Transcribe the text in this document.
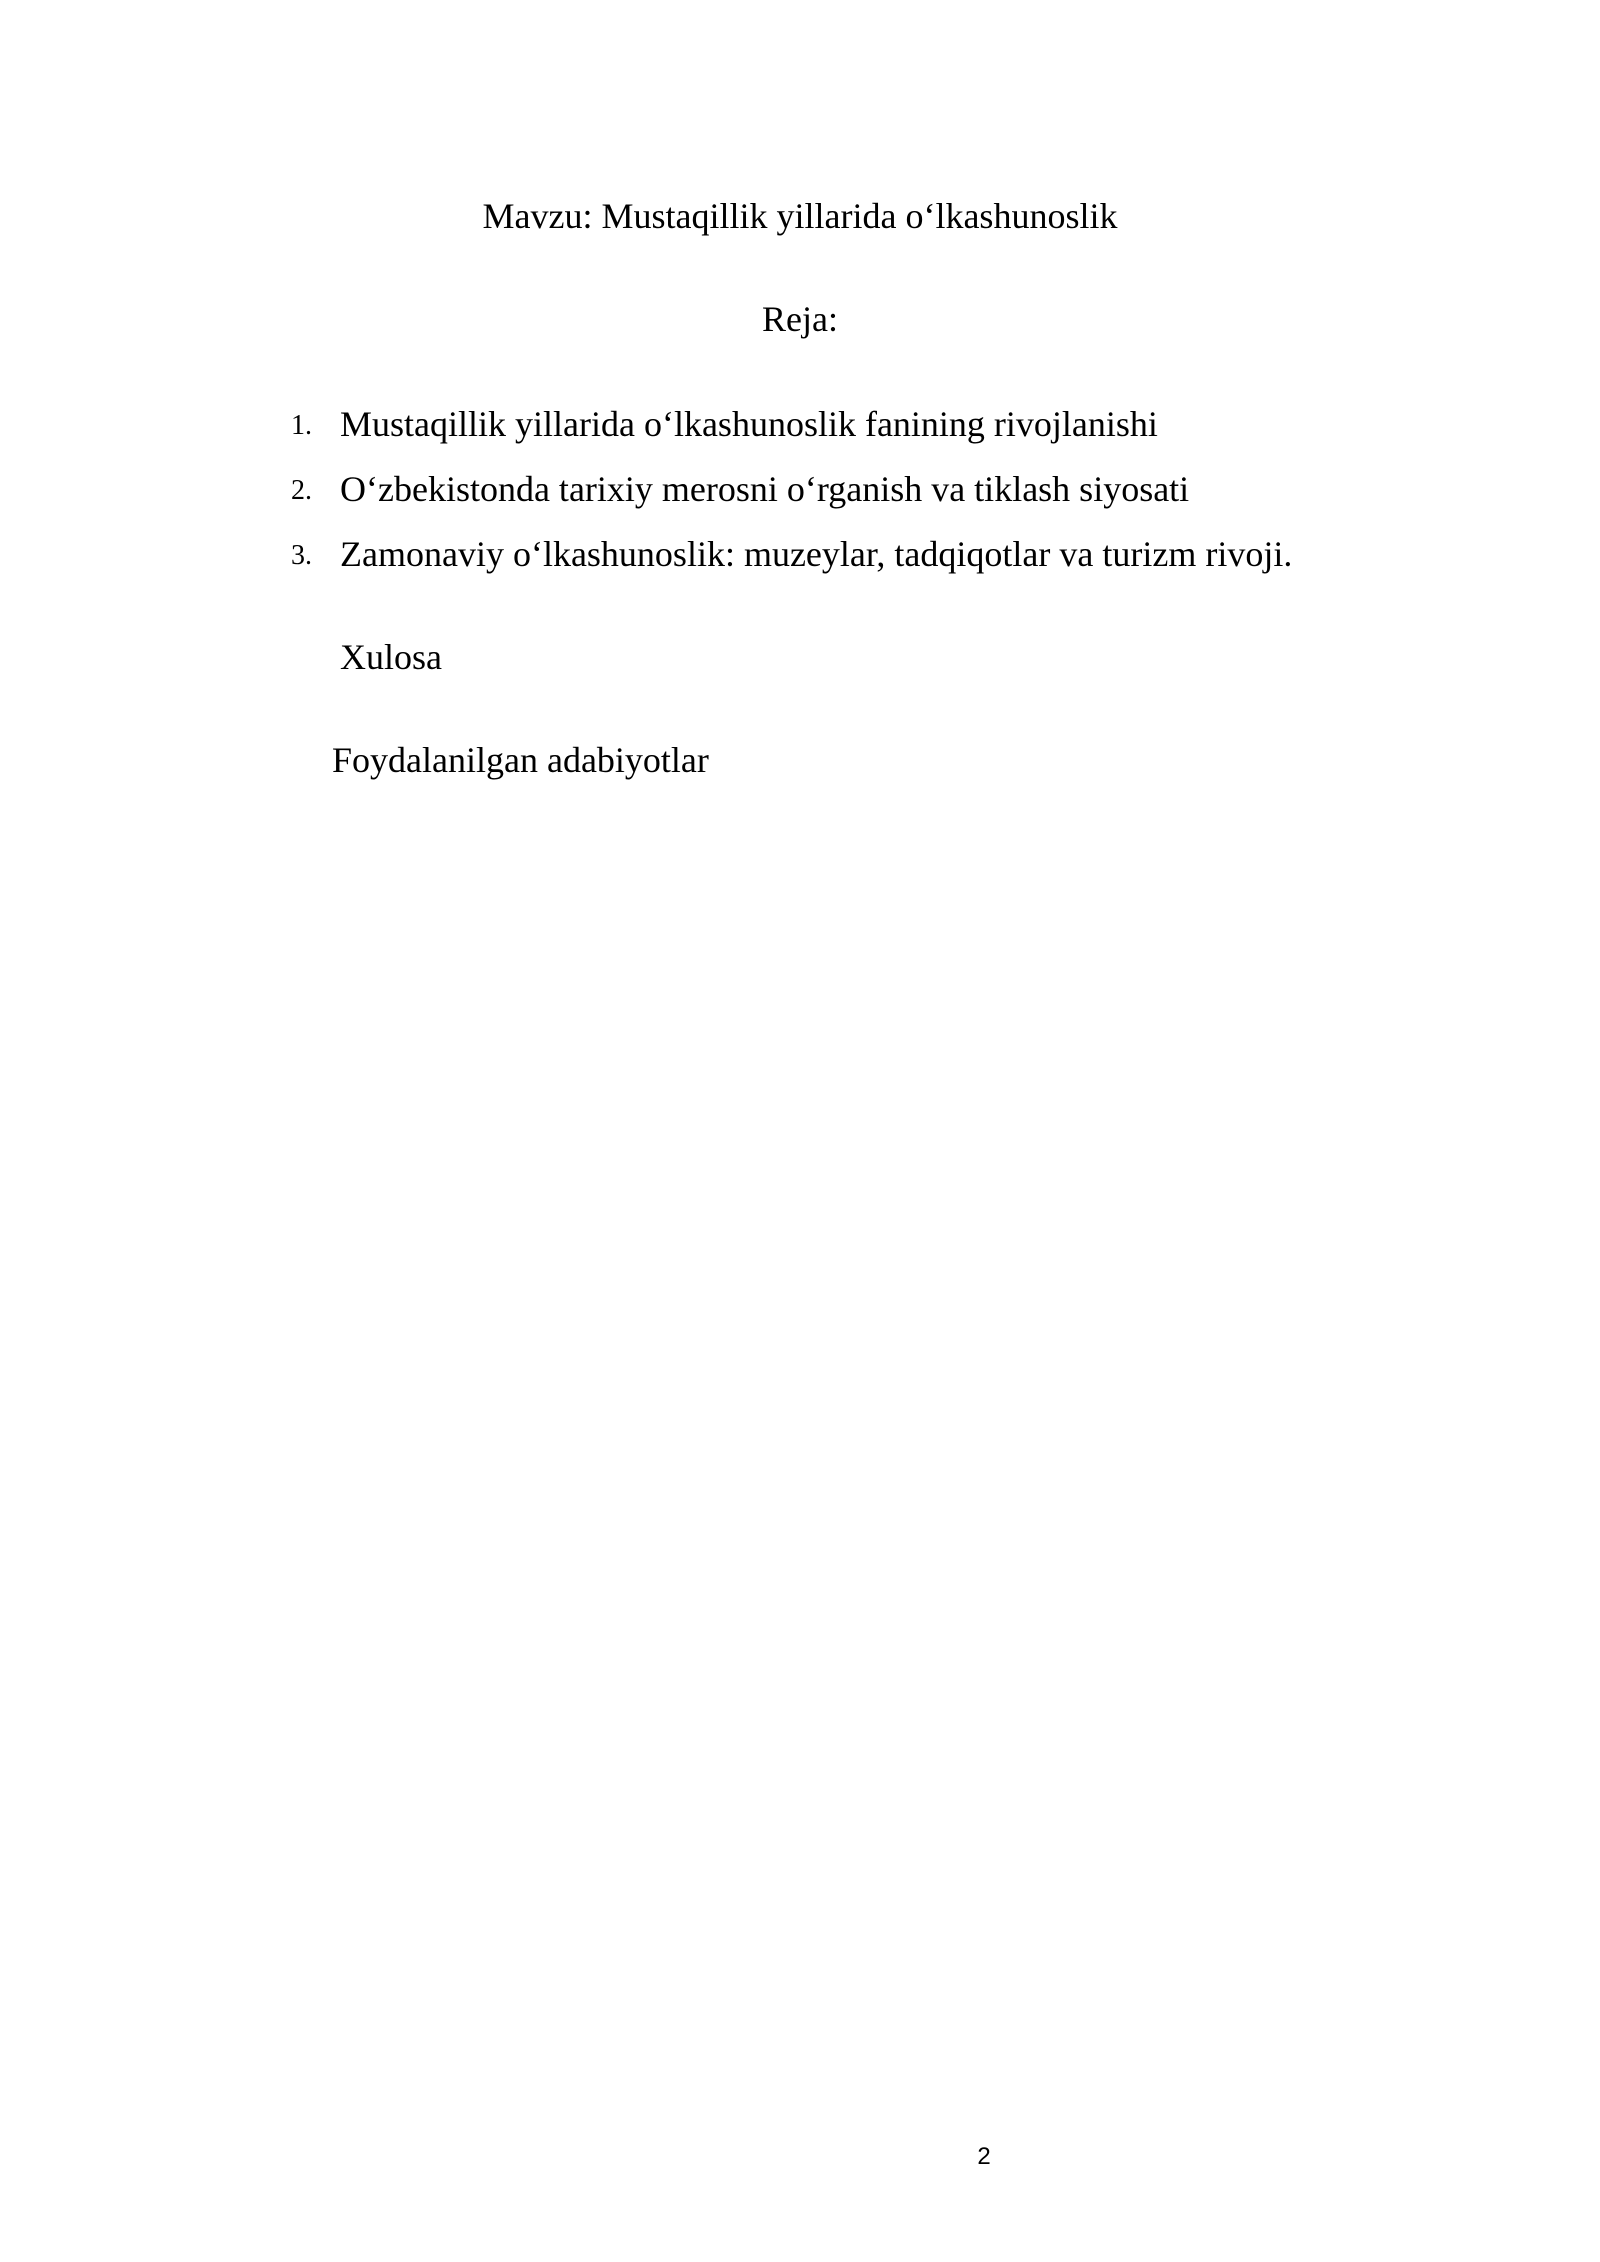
Mavzu: Mustaqillik yillarida o‘lkashunoslik
Reja:
1. Mustaqillik yillarida o‘lkashunoslik fanining rivojlanishi
2. O‘zbekistonda tarixiy merosni o‘rganish va tiklash siyosati
3. Zamonaviy o‘lkashunoslik: muzeylar, tadqiqotlar va turizm rivoji.
Xulosa
Foydalanilgan adabiyotlar
2
